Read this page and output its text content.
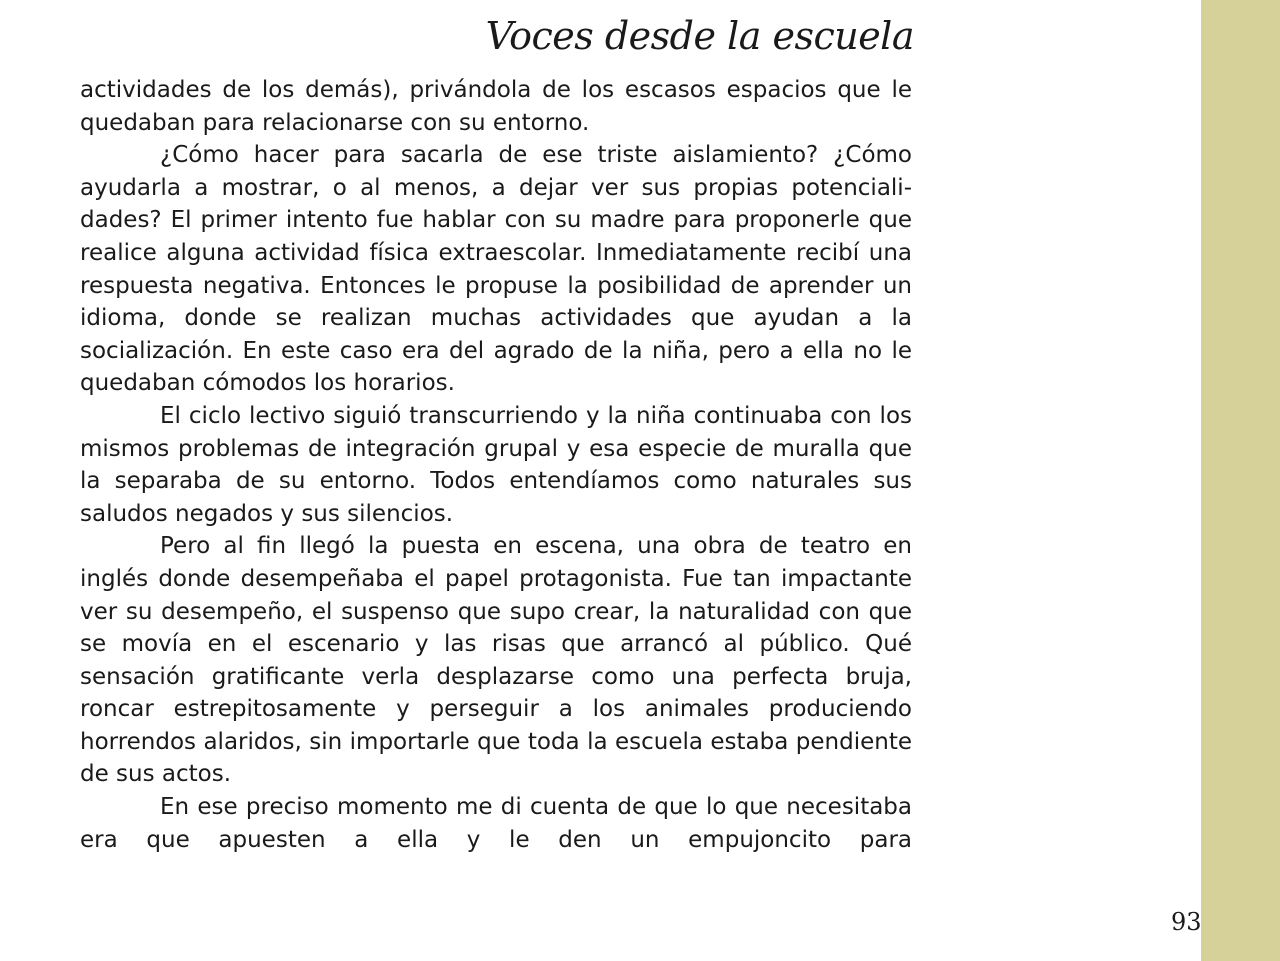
Voces desde la escuela

actividades de los demás), privándola de los escasos espacios que le quedaban para relacionarse con su entorno.

¿Cómo hacer para sacarla de ese triste aislamiento? ¿Cómo ayudarla a mostrar, o al menos, a dejar ver sus propias potencialidades? El primer intento fue hablar con su madre para proponerle que realice alguna actividad física extraescolar. Inmediatamente recibí una respuesta negativa. Entonces le propuse la posibilidad de aprender un idioma, donde se realizan muchas actividades que ayudan a la socialización. En este caso era del agrado de la niña, pero a ella no le quedaban cómodos los horarios.

El ciclo lectivo siguió transcurriendo y la niña continuaba con los mismos problemas de integración grupal y esa especie de muralla que la separaba de su entorno. Todos entendíamos como naturales sus saludos negados y sus silencios.

Pero al fin llegó la puesta en escena, una obra de teatro en inglés donde desempeñaba el papel protagonista. Fue tan impactante ver su desempeño, el suspenso que supo crear, la naturalidad con que se movía en el escenario y las risas que arrancó al público. Qué sensación gratificante verla desplazarse como una perfecta bruja, roncar estrepitosamente y perseguir a los animales produciendo horrendos alaridos, sin importarle que toda la escuela estaba pendiente de sus actos.

En ese preciso momento me di cuenta de que lo que necesitaba era que apuesten a ella y le den un empujoncito para

93
